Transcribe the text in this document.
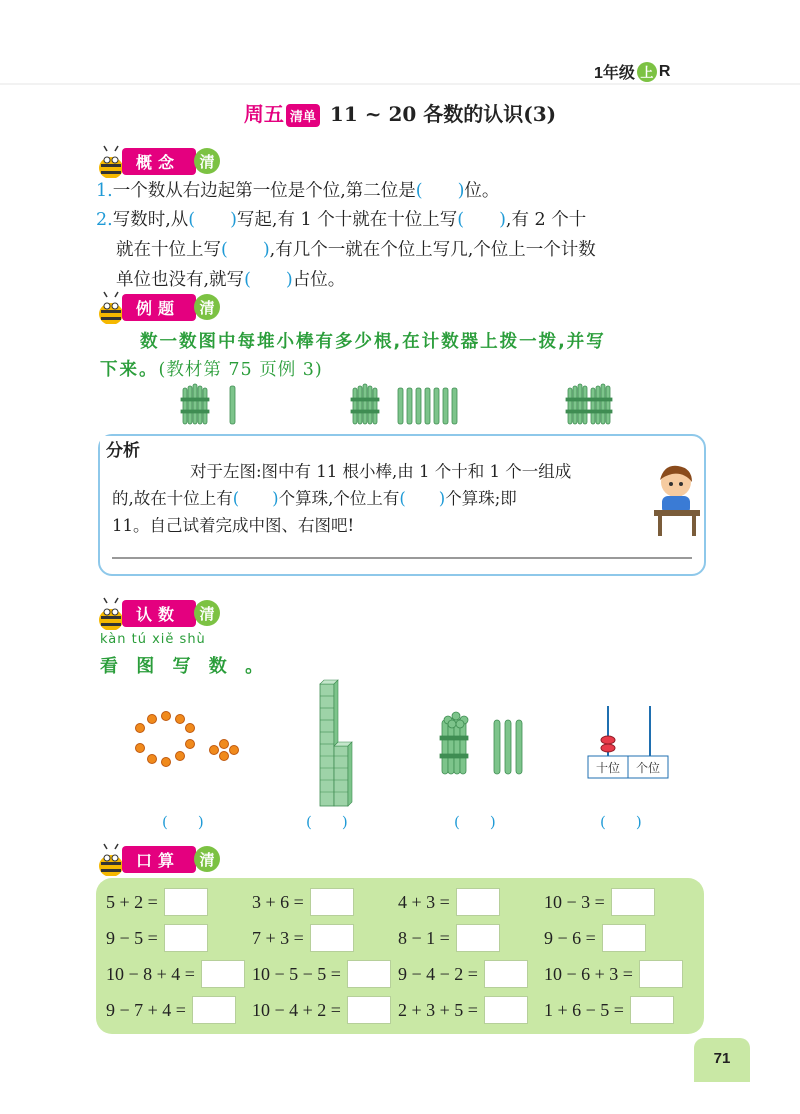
1年级 上 R
周五 清单 11 ~ 20 各数的认识(3)
概念	清
1.一个数从右边起第一位是个位,第二位是(　　)位。
2.写数时,从(　　)写起,有 1 个十就在十位上写(　　),有 2 个十
就在十位上写(　　),有几个一就在个位上写几,个位上一个计数
单位也没有,就写(　　)占位。
例题	清
数一数图中每堆小棒有多少根,在计数器上拨一拨,并写
下来。(教材第 75 页例 3)
分析
对于左图:图中有 11 根小棒,由 1 个十和 1 个一组成
的,故在十位上有(　　)个算珠,个位上有(　　)个算珠;即
11。自己试着完成中图、右图吧!
认数	清
kàn tú xiě shù
看 图 写 数 。
十位 个位
(　　)	(　　)	(　　)	(　　)
口算	清
5 + 2 =	3 + 6 =	4 + 3 =	10 − 3 =
9 − 5 =	7 + 3 =	8 − 1 =	9 − 6 =
10 − 8 + 4 =	10 − 5 − 5 =	9 − 4 − 2 =	10 − 6 + 3 =
9 − 7 + 4 =	10 − 4 + 2 =	2 + 3 + 5 =	1 + 6 − 5 =
71
